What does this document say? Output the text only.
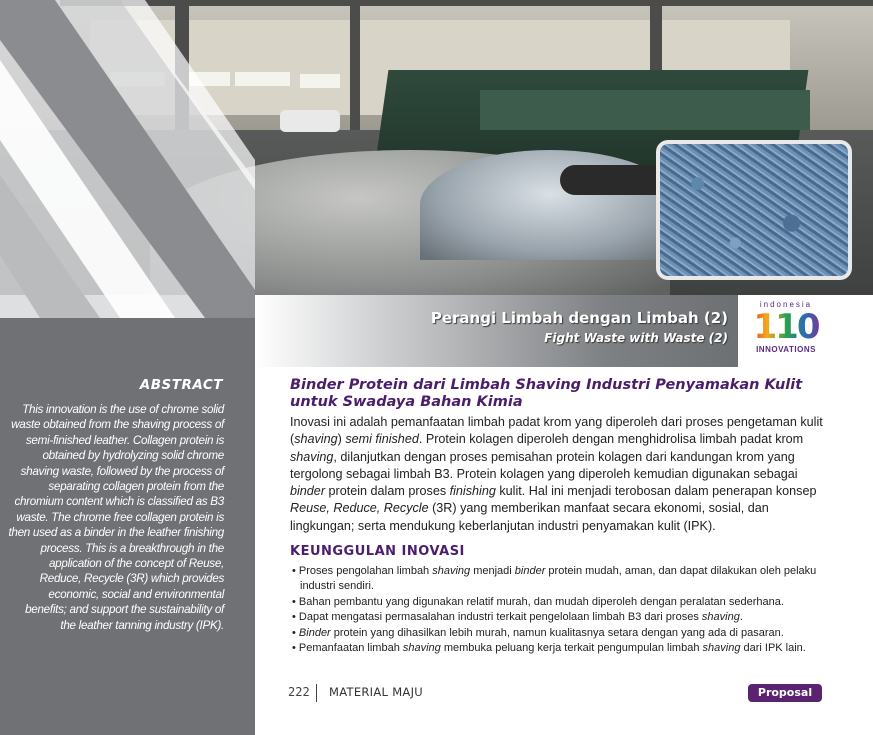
Perangi Limbah dengan Limbah (2)
Fight Waste with Waste (2)
indonesia
110
INNOVATIONS
ABSTRACT
This innovation is the use of chrome solid waste obtained from the shaving process of semi-finished leather. Collagen protein is obtained by hydrolyzing solid chrome shaving waste, followed by the process of separating collagen protein from the chromium content which is classified as B3 waste. The chrome free collagen protein is then used as a binder in the leather finishing process. This is a breakthrough in the application of the concept of Reuse, Reduce, Recycle (3R) which provides economic, social and environmental benefits; and support the sustainability of the leather tanning industry (IPK).
Binder Protein dari Limbah Shaving Industri Penyamakan Kulit untuk Swadaya Bahan Kimia
Inovasi ini adalah pemanfaatan limbah padat krom yang diperoleh dari proses pengetaman kulit (shaving) semi finished. Protein kolagen diperoleh dengan menghidrolisa limbah padat krom shaving, dilanjutkan dengan proses pemisahan protein kolagen dari kandungan krom yang tergolong sebagai limbah B3. Protein kolagen yang diperoleh kemudian digunakan sebagai binder protein dalam proses finishing kulit. Hal ini menjadi terobosan dalam penerapan konsep Reuse, Reduce, Recycle (3R) yang memberikan manfaat secara ekonomi, sosial, dan lingkungan; serta mendukung keberlanjutan industri penyamakan kulit (IPK).
KEUNGGULAN INOVASI
• Proses pengolahan limbah shaving menjadi binder protein mudah, aman, dan dapat dilakukan oleh pelaku industri sendiri.
• Bahan pembantu yang digunakan relatif murah, dan mudah diperoleh dengan peralatan sederhana.
• Dapat mengatasi permasalahan industri terkait pengelolaan limbah B3 dari proses shaving.
• Binder protein yang dihasilkan lebih murah, namun kualitasnya setara dengan yang ada di pasaran.
• Pemanfaatan limbah shaving membuka peluang kerja terkait pengumpulan limbah shaving dari IPK lain.
222 MATERIAL MAJU	Proposal
